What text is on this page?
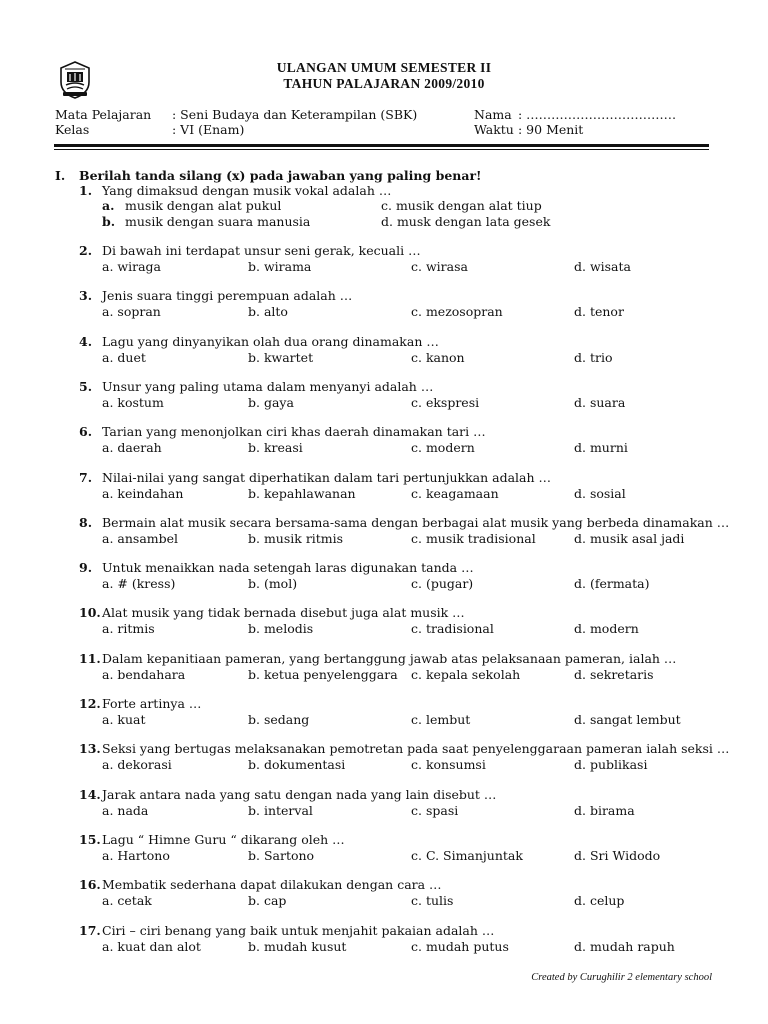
ULANGAN UMUM SEMESTER II
TAHUN PALAJARAN 2009/2010
Mata Pelajaran : Seni Budaya dan Keterampilan (SBK)
Kelas	: VI (Enam)
Nama : ………………………………
Waktu : 90 Menit
I. Berilah tanda silang (x) pada jawaban yang paling benar!
1. Yang dimaksud dengan musik vokal adalah …
a. musik dengan alat pukul
b. musik dengan suara manusia
c. musik dengan alat tiup
d. musk dengan lata gesek
2. Di bawah ini terdapat unsur seni gerak, kecuali …
a. wiraga	b. wirama	c. wirasa	d. wisata
3. Jenis suara tinggi perempuan adalah …
a. sopran	b. alto	c. mezosopran	d. tenor
4. Lagu yang dinyanyikan olah dua orang dinamakan …
a. duet	b. kwartet	c. kanon	d. trio
5. Unsur yang paling utama dalam menyanyi adalah …
a. kostum	b. gaya	c. ekspresi	d. suara
6. Tarian yang menonjolkan ciri khas daerah dinamakan tari …
a. daerah	b. kreasi	c. modern	d. murni
7. Nilai-nilai yang sangat diperhatikan dalam tari pertunjukkan adalah …
a. keindahan	b. kepahlawanan	c. keagamaan	d. sosial
8. Bermain alat musik secara bersama-sama dengan berbagai alat musik yang berbeda dinamakan …
a. ansambel	b. musik ritmis	c. musik tradisional	d. musik asal jadi
9. Untuk menaikkan nada setengah laras digunakan tanda …
a. # (kress)	b. (mol)	c. (pugar)	d. (fermata)
10. Alat musik yang tidak bernada disebut juga alat musik …
a. ritmis	b. melodis	c. tradisional	d. modern
11. Dalam kepanitiaan pameran, yang bertanggung jawab atas pelaksanaan pameran, ialah …
a. bendahara	b. ketua penyelenggara c. kepala sekolah	d. sekretaris
12. Forte artinya …
a. kuat	b. sedang	c. lembut	d. sangat lembut
13. Seksi yang bertugas melaksanakan pemotretan pada saat penyelenggaraan pameran ialah seksi …
a. dekorasi	b. dokumentasi	c. konsumsi	d. publikasi
14. Jarak antara nada yang satu dengan nada yang lain disebut …
a. nada	b. interval	c. spasi	d. birama
15. Lagu “ Himne Guru “ dikarang oleh …
a. Hartono	b. Sartono	c. C. Simanjuntak	d. Sri Widodo
16. Membatik sederhana dapat dilakukan dengan cara …
a. cetak	b. cap	c. tulis	d. celup
17. Ciri – ciri benang yang baik untuk menjahit pakaian adalah …
a. kuat dan alot	b. mudah kusut	c. mudah putus	d. mudah rapuh
Created by Curughilir 2 elementary school
